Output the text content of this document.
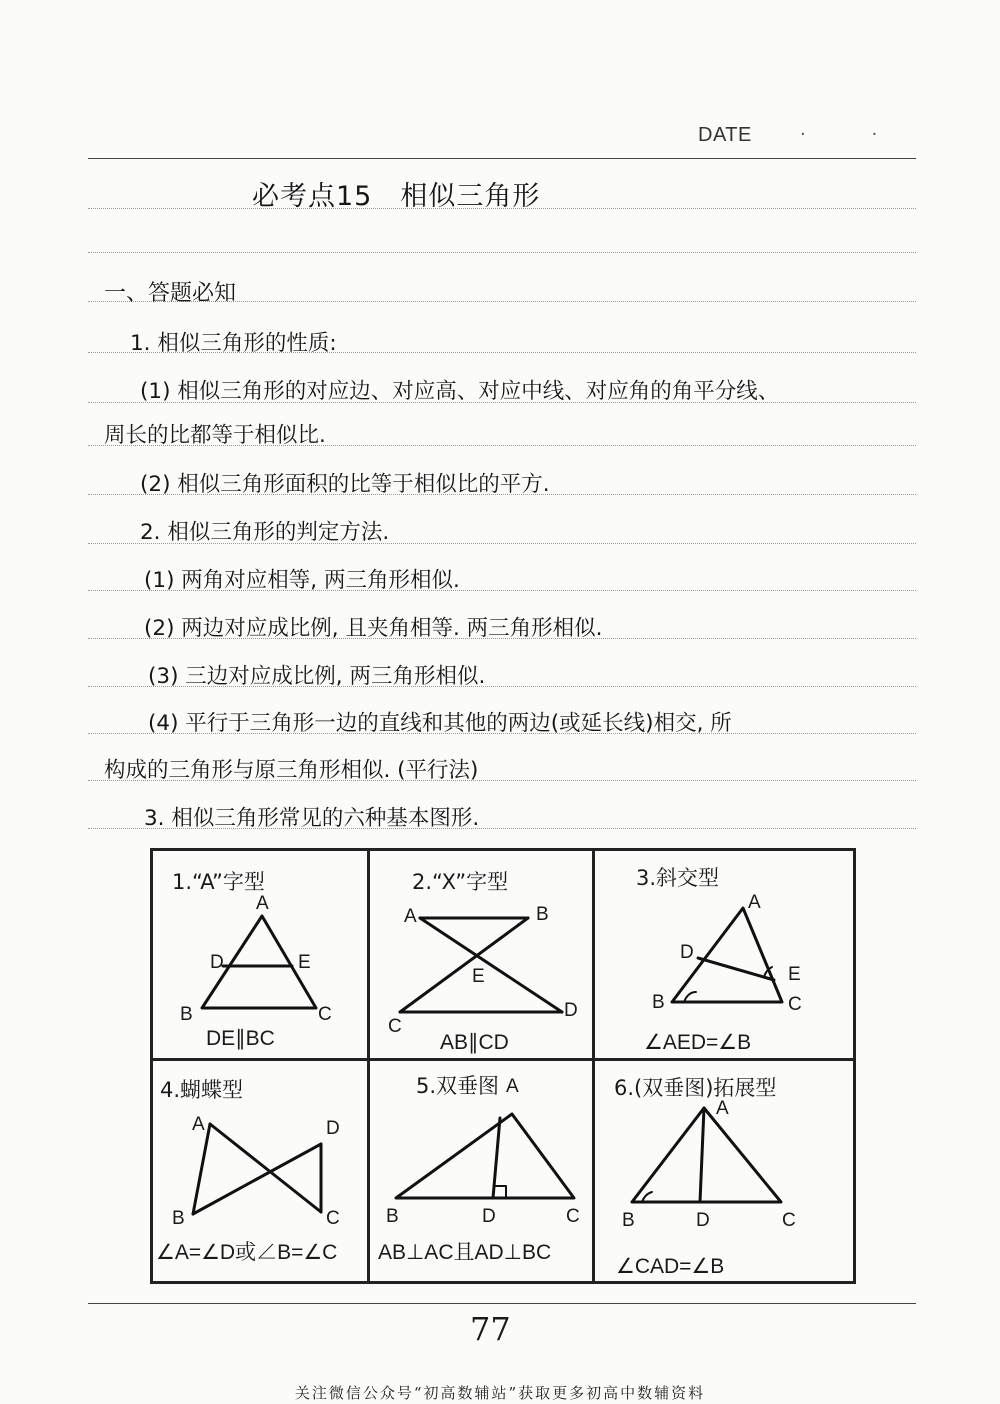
DATE	· ·
必考点15　相似三角形
一、答题必知
1. 相似三角形的性质:
(1) 相似三角形的对应边、对应高、对应中线、对应角的角平分线、
周长的比都等于相似比.
(2) 相似三角形面积的比等于相似比的平方.
2. 相似三角形的判定方法.
(1) 两角对应相等, 两三角形相似.
(2) 两边对应成比例, 且夹角相等. 两三角形相似.
(3) 三边对应成比例, 两三角形相似.
(4) 平行于三角形一边的直线和其他的两边(或延长线)相交, 所
构成的三角形与原三角形相似. (平行法)
3. 相似三角形常见的六种基本图形.
1.“A”字型
A
D	E
B	C
DE∥BC
2.“X”字型
A	B
E
C
D
AB∥CD
3.斜交型
A
D
E
B	C
∠AED=∠B
4.蝴蝶型
A	D
B	C
∠A=∠D或∠B=∠C
5.双垂图 A
B	D	C
AB⊥AC且AD⊥BC
6.(双垂图)拓展型
A
B	D	C
∠CAD=∠B
77
关注微信公众号“初高数辅站”获取更多初高中数辅资料
